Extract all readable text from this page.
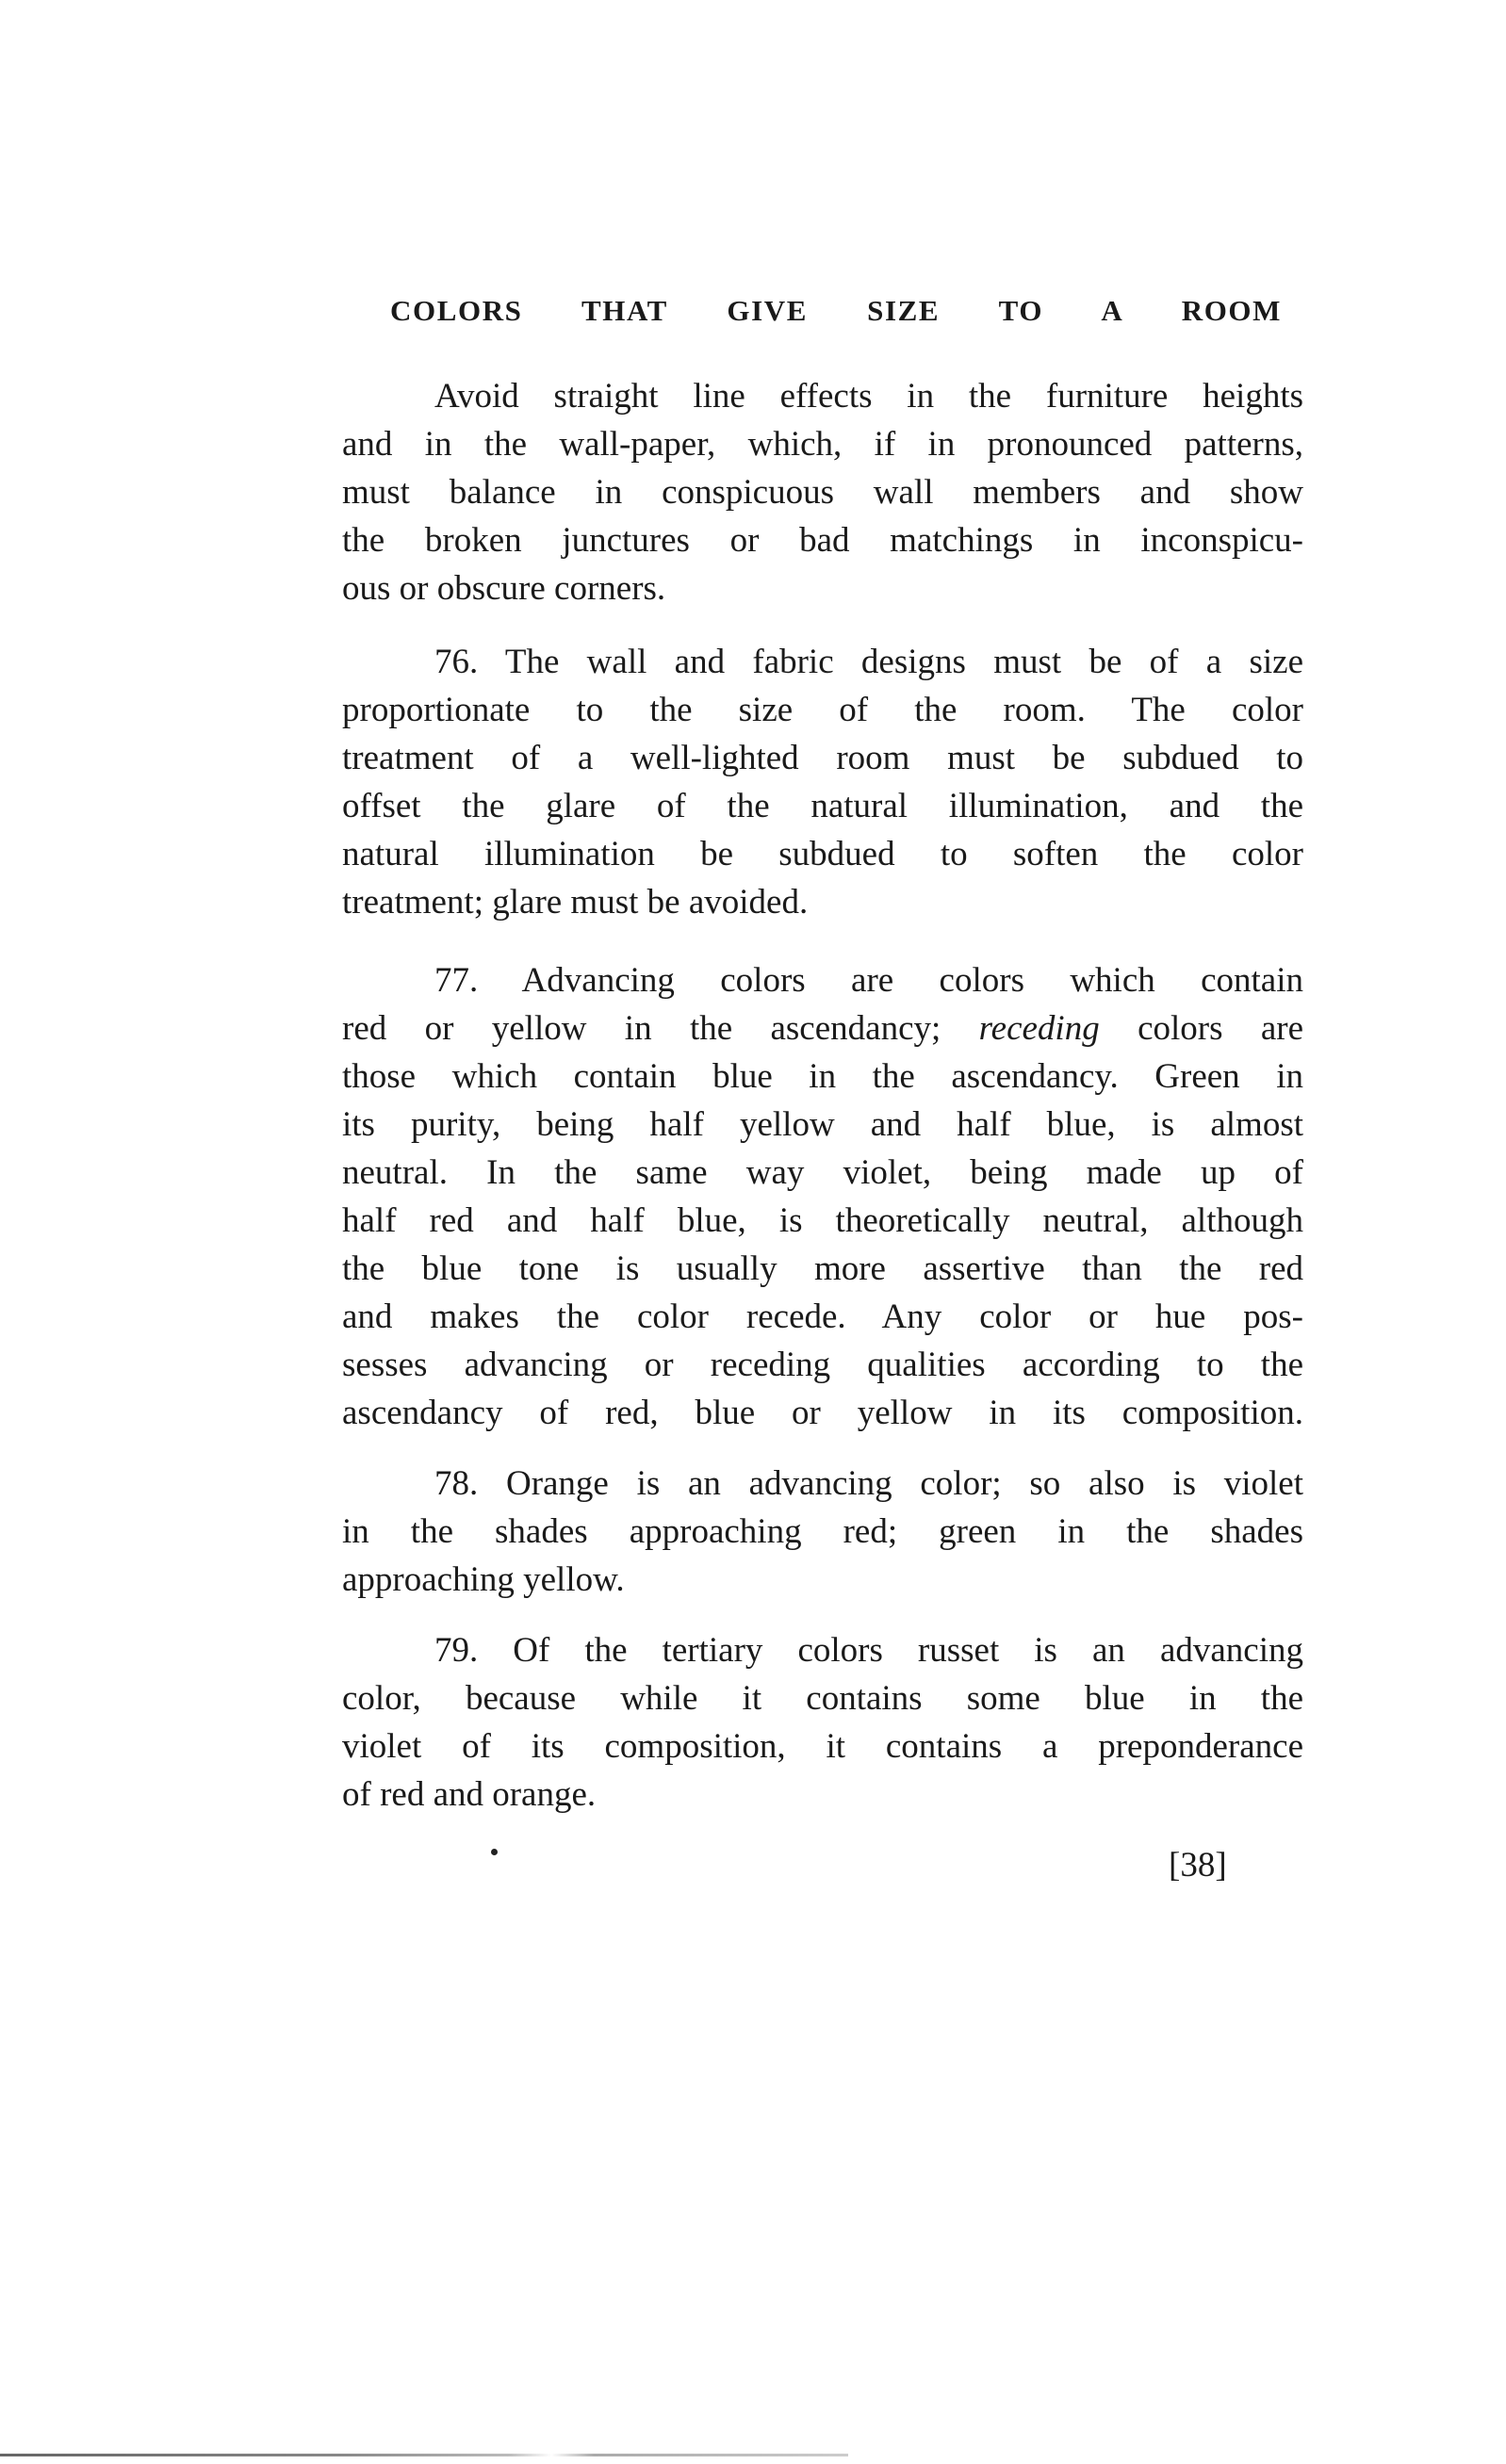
COLORS THAT GIVE SIZE TO A ROOM
Avoid straight line effects in the furniture heights
and in the wall-paper, which, if in pronounced patterns,
must balance in conspicuous wall members and show
the broken junctures or bad matchings in inconspicu-
ous or obscure corners.
76. The wall and fabric designs must be of a size
proportionate to the size of the room. The color
treatment of a well-lighted room must be subdued to
offset the glare of the natural illumination, and the
natural illumination be subdued to soften the color
treatment; glare must be avoided.
77. Advancing colors are colors which contain
red or yellow in the ascendancy; receding colors are
those which contain blue in the ascendancy. Green in
its purity, being half yellow and half blue, is almost
neutral. In the same way violet, being made up of
half red and half blue, is theoretically neutral, although
the blue tone is usually more assertive than the red
and makes the color recede. Any color or hue pos-
sesses advancing or receding qualities according to the
ascendancy of red, blue or yellow in its composition.
78. Orange is an advancing color; so also is violet
in the shades approaching red; green in the shades
approaching yellow.
79. Of the tertiary colors russet is an advancing
color, because while it contains some blue in the
violet of its composition, it contains a preponderance
of red and orange.
[38]
